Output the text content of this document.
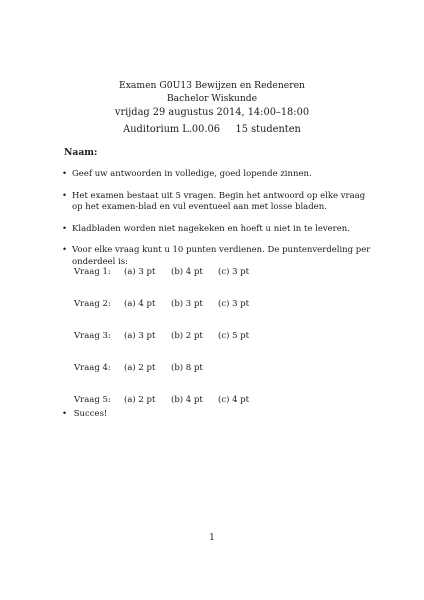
Examen G0U13 Bewijzen en Redeneren
Bachelor Wiskunde
vrijdag 29 augustus 2014, 14:00–18:00
Auditorium L.00.06     15 studenten
Naam:
• Geef uw antwoorden in volledige, goed lopende zinnen.
• Het examen bestaat uit 5 vragen. Begin het antwoord op elke vraag op het examen-blad en vul eventueel aan met losse bladen.
• Kladbladen worden niet nagekeken en hoeft u niet in te leveren.
• Voor elke vraag kunt u 10 punten verdienen. De puntenverdeling per onderdeel is:
Vraag 1: (a) 3 pt (b) 4 pt (c) 3 pt
Vraag 2: (a) 4 pt (b) 3 pt (c) 3 pt
Vraag 3: (a) 3 pt (b) 2 pt (c) 5 pt
Vraag 4: (a) 2 pt (b) 8 pt
Vraag 5: (a) 2 pt (b) 4 pt (c) 4 pt
• Succes!
1
